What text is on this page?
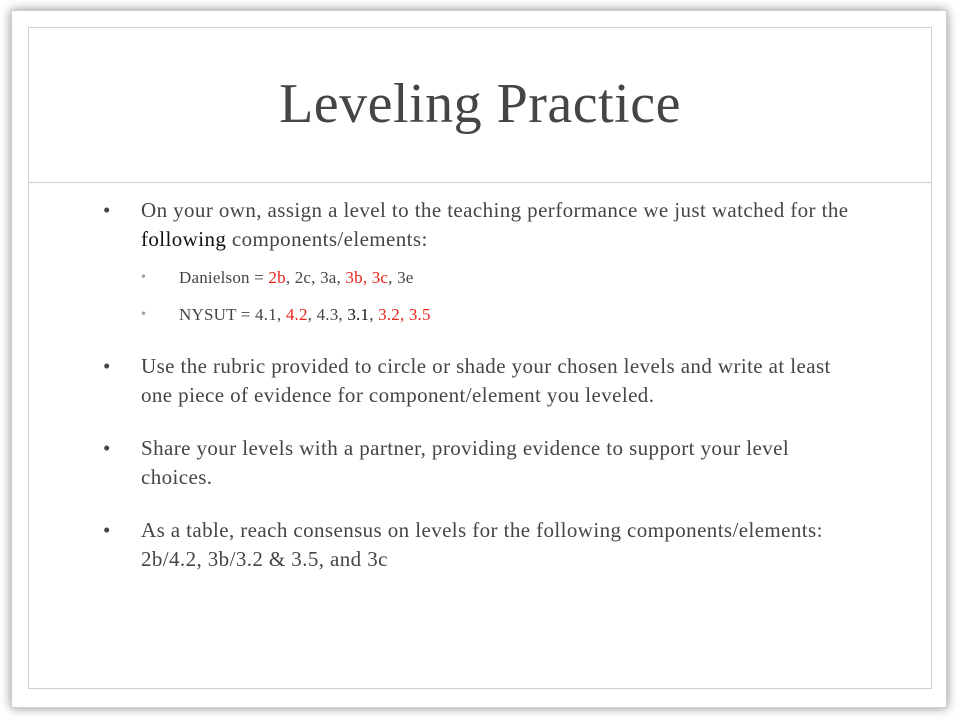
Leveling Practice
• On your own, assign a level to the teaching performance we just watched for the following components/elements:
• Danielson = 2b, 2c, 3a, 3b, 3c, 3e
• NYSUT = 4.1, 4.2, 4.3, 3.1, 3.2, 3.5
• Use the rubric provided to circle or shade your chosen levels and write at least one piece of evidence for component/element you leveled.
• Share your levels with a partner, providing evidence to support your level choices.
• As a table, reach consensus on levels for the following components/elements: 2b/4.2, 3b/3.2 & 3.5, and 3c
